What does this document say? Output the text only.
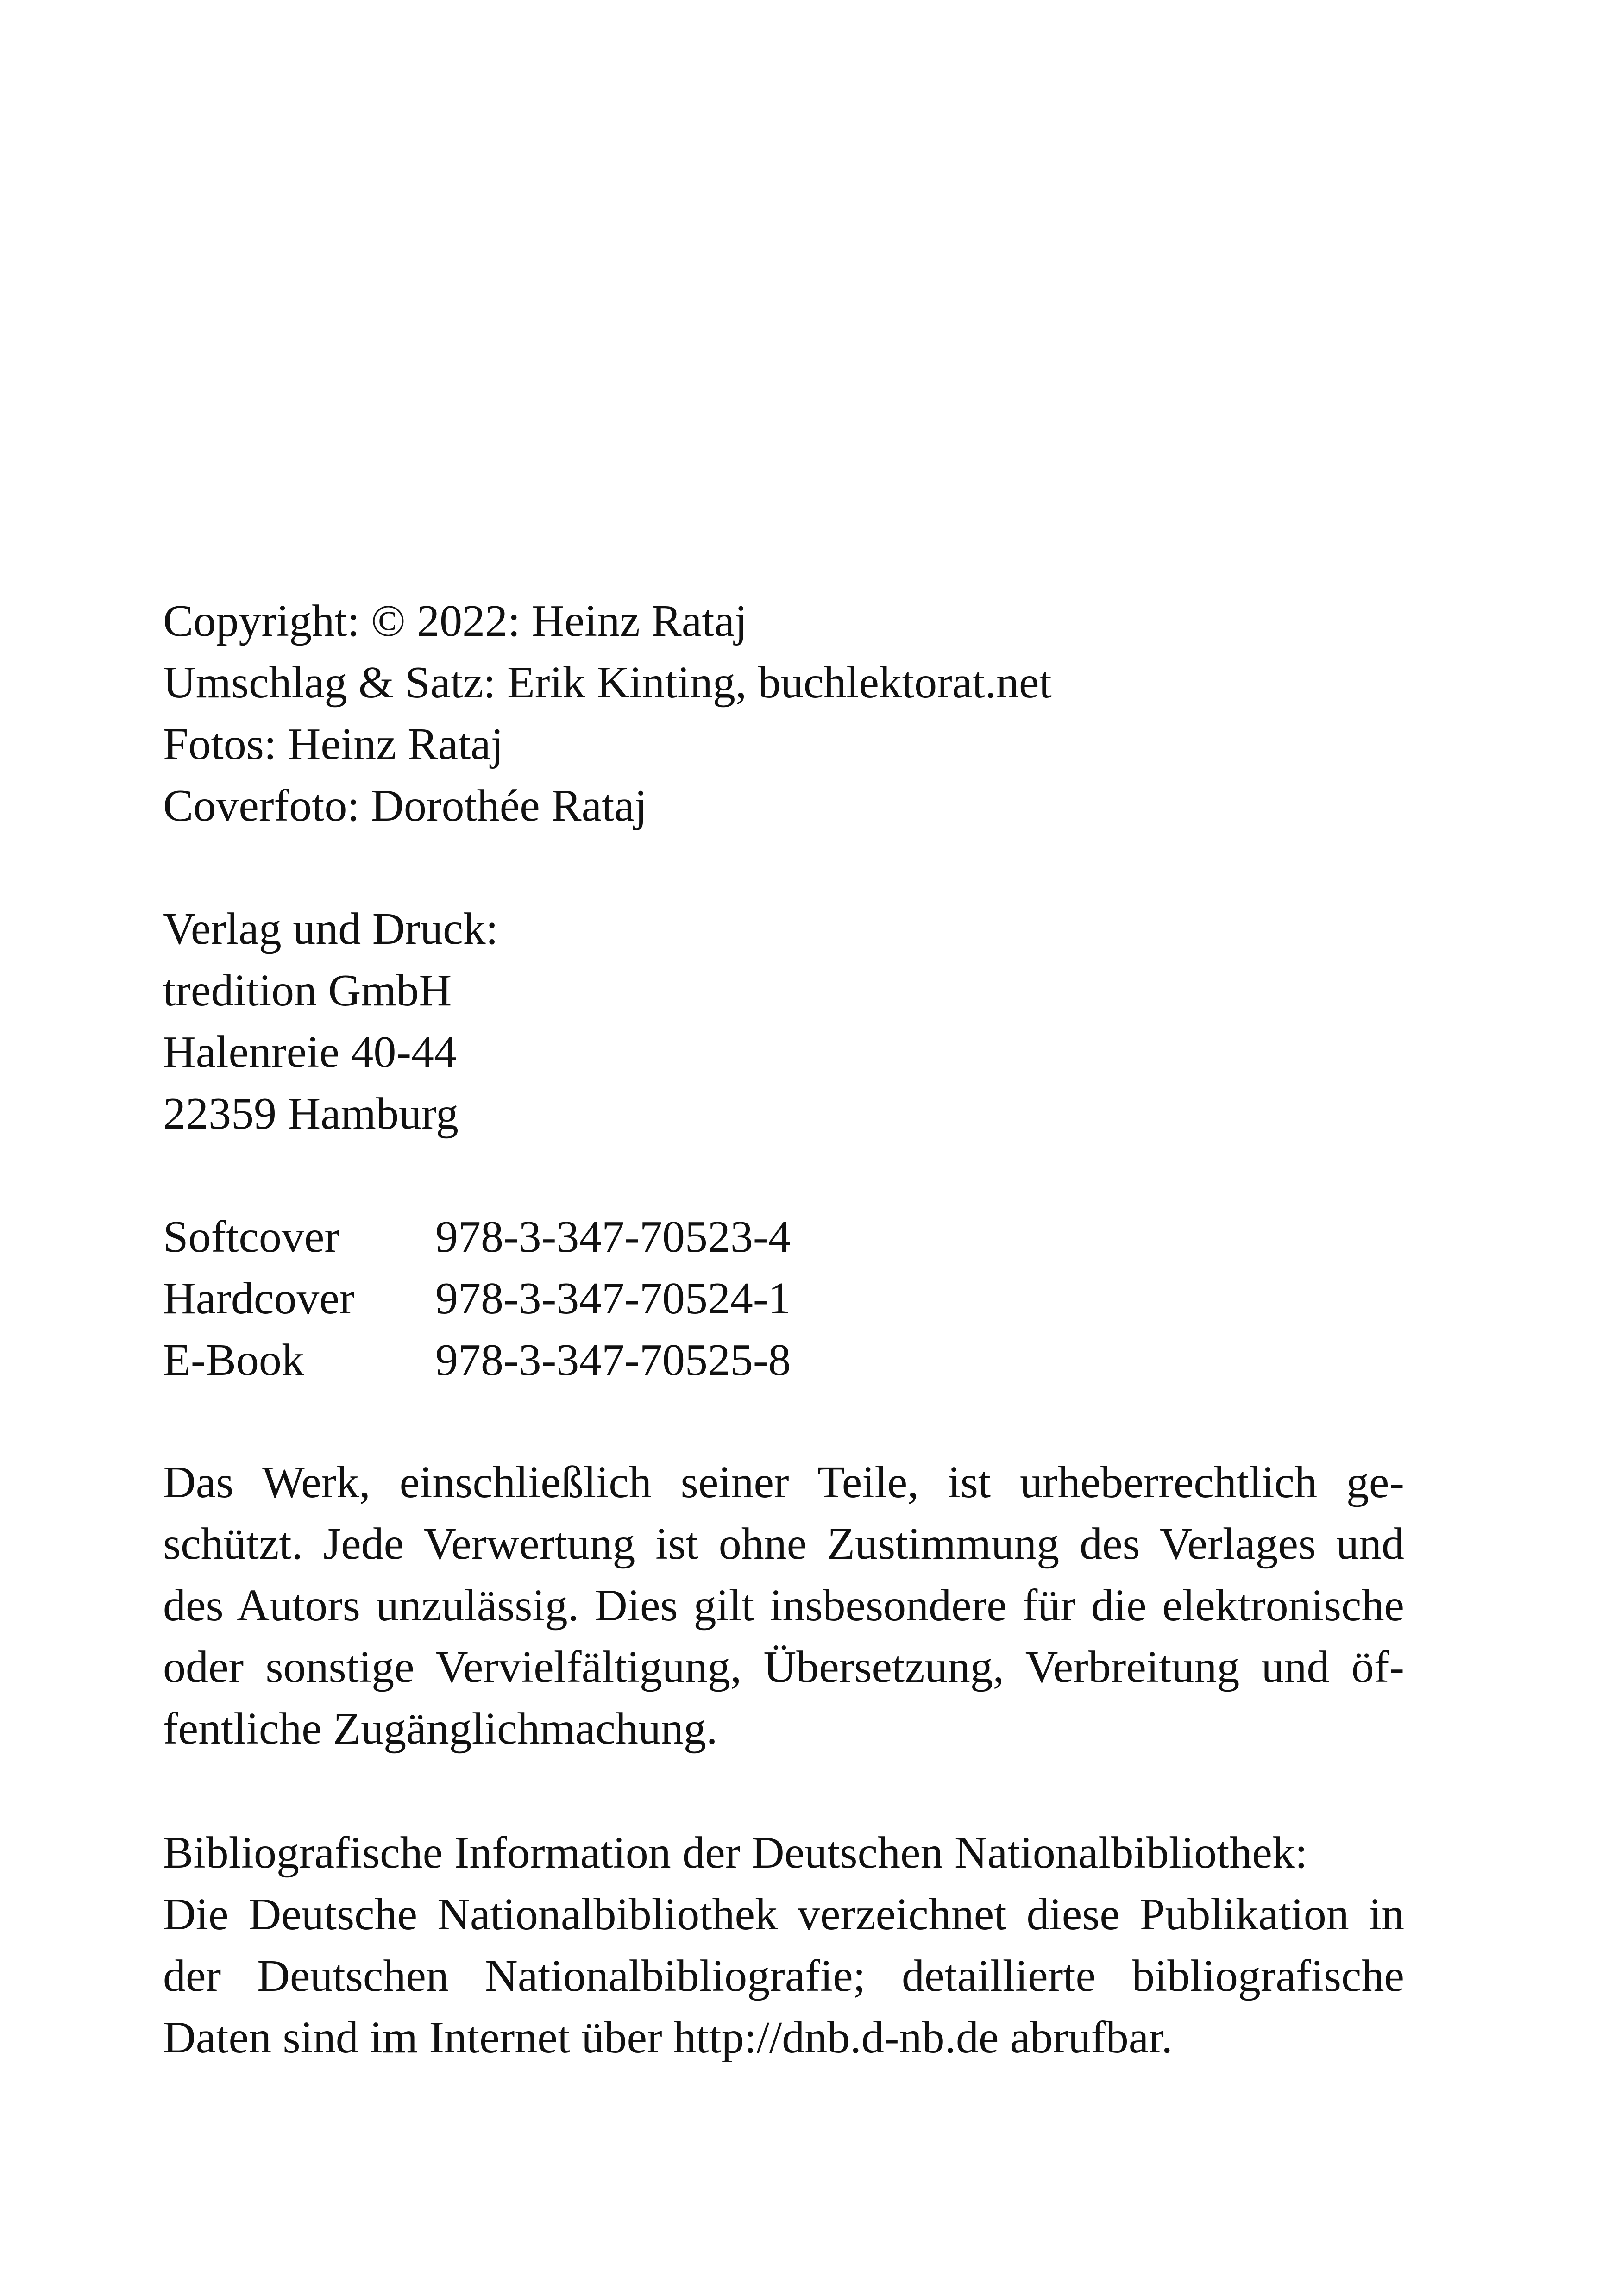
Copyright: © 2022: Heinz Rataj

Umschlag & Satz: Erik Kinting, buchlektorat.net

Fotos: Heinz Rataj

Coverfoto: Dorothée Rataj

Verlag und Druck:

tredition GmbH

Halenreie 40-44

22359 Hamburg

Softcover	978-3-347-70523-4
Hardcover	978-3-347-70524-1
E-Book	978-3-347-70525-8

Das Werk, einschließlich seiner Teile, ist urheberrechtlich ge-schützt. Jede Verwertung ist ohne Zustimmung des Verlages und des Autors unzulässig. Dies gilt insbesondere für die elektronische oder sonstige Vervielfältigung, Übersetzung, Verbreitung und öf-fentliche Zugänglichmachung.

Bibliografische Information der Deutschen Nationalbibliothek:

Die Deutsche Nationalbibliothek verzeichnet diese Publikation in der Deutschen Nationalbibliografie; detaillierte bibliografische Daten sind im Internet über http://dnb.d-nb.de abrufbar.
